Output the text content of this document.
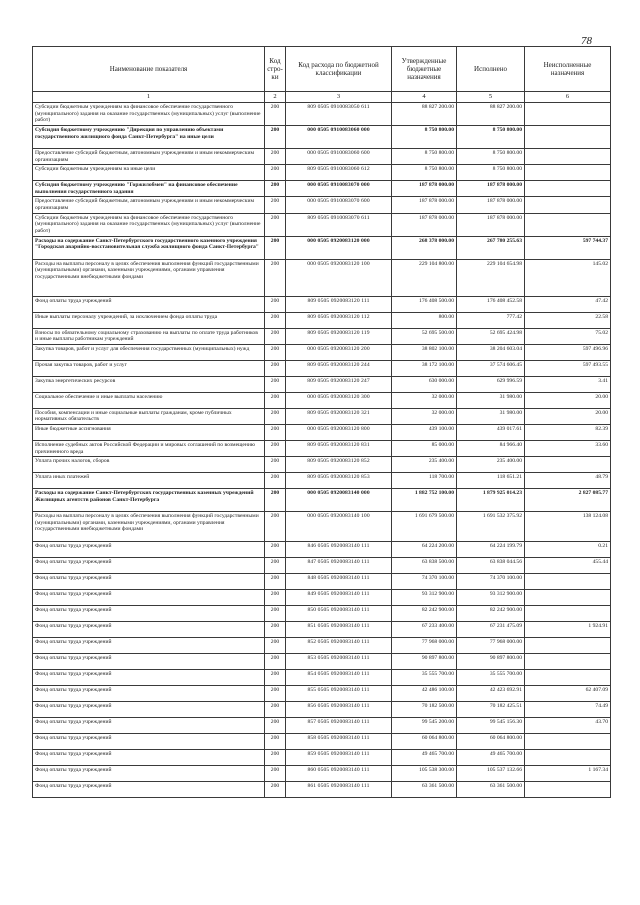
78
Наименование показателя	Код стро-ки	Код расхода по бюджетной классификации	Утвержденные бюджетные назначения	Исполнено	Неисполненные назначения
1	2	3	4	5	6
Субсидии бюджетным учреждениям на финансовое обеспечение государственного (муниципального) задания на оказание государственных (муниципальных) услуг (выполнение работ)	200	809 0505 0910083050 611	88 827 200.00	88 827 200.00	
Субсидия бюджетному учреждению "Дирекция по управлению объектами государственного жилищного фонда Санкт-Петербурга" на иные цели	200	000 0505 0910083060 000	8 750 800.00	8 750 800.00	
Предоставление субсидий бюджетным, автономным учреждениям и иным некоммерческим организациям	200	000 0505 0910083060 600	8 750 800.00	8 750 800.00	
Субсидии бюджетным учреждениям на иные цели	200	809 0505 0910083060 612	8 750 800.00	8 750 800.00	
Субсидия бюджетному учреждению "Горжилобмен" на финансовое обеспечение выполнения государственного задания	200	000 0505 0910083070 000	187 878 000.00	187 878 000.00	
Предоставление субсидий бюджетным, автономным учреждениям и иным некоммерческим организациям	200	000 0505 0910083070 600	187 878 000.00	187 878 000.00	
Субсидии бюджетным учреждениям на финансовое обеспечение государственного (муниципального) задания на оказание государственных (муниципальных) услуг (выполнение работ)	200	809 0505 0910083070 611	187 878 000.00	187 878 000.00	
Расходы на содержание Санкт-Петербургского государственного казенного учреждения "Городская аварийно-восстановительная служба жилищного фонда Санкт-Петербурга"	200	000 0505 0920083120 000	268 378 000.00	267 780 255.63	597 744.37
Расходы на выплаты персоналу в целях обеспечения выполнения функций государственными (муниципальными) органами, казенными учреждениями, органами управления государственными внебюджетными фондами	200	000 0505 0920083120 100	229 104 800.00	229 104 654.98	145.02
Фонд оплаты труда учреждений	200	809 0505 0920083120 111	176 408 500.00	176 408 452.58	47.42
Иные выплаты персоналу учреждений, за исключением фонда оплаты труда	200	809 0505 0920083120 112	800.00	777.42	22.58
Взносы по обязательному социальному страхованию на выплаты по оплате труда работников и иные выплаты работникам учреждений	200	809 0505 0920083120 119	52 695 500.00	52 695 424.98	75.02
Закупка товаров, работ и услуг для обеспечения государственных (муниципальных) нужд	200	000 0505 0920083120 200	38 802 100.00	38 204 603.04	597 496.96
Прочая закупка товаров, работ и услуг	200	809 0505 0920083120 244	38 172 100.00	37 574 606.45	597 493.55
Закупка энергетических ресурсов	200	809 0505 0920083120 247	630 000.00	629 996.59	3.41
Социальное обеспечение и иные выплаты населению	200	000 0505 0920083120 300	32 000.00	31 980.00	20.00
Пособия, компенсации и иные социальные выплаты гражданам, кроме публичных нормативных обязательств	200	809 0505 0920083120 321	32 000.00	31 980.00	20.00
Иные бюджетные ассигнования	200	000 0505 0920083120 800	439 100.00	439 017.61	82.39
Исполнение судебных актов Российской Федерации и мировых соглашений по возмещению причиненного вреда	200	809 0505 0920083120 831	85 000.00	84 966.40	33.60
Уплата прочих налогов, сборов	200	809 0505 0920083120 852	235 400.00	235 400.00	
Уплата иных платежей	200	809 0505 0920083120 853	118 700.00	118 651.21	48.79
Расходы на содержание Санкт-Петербургских государственных казенных учреждений Жилищных агентств районов Санкт-Петербурга	200	000 0505 0920083140 000	1 882 752 100.00	1 879 925 014.23	2 827 085.77
Расходы на выплаты персоналу в целях обеспечения выполнения функций государственными (муниципальными) органами, казенными учреждениями, органами управления государственными внебюджетными фондами	200	000 0505 0920083140 100	1 691 679 500.00	1 691 532 375.92	138 124.08
Фонд оплаты труда учреждений	200	846 0505 0920083140 111	64 224 200.00	64 224 199.79	0.21
Фонд оплаты труда учреждений	200	847 0505 0920083140 111	63 838 500.00	63 838 044.56	455.44
Фонд оплаты труда учреждений	200	848 0505 0920083140 111	74 370 100.00	74 370 100.00	
Фонд оплаты труда учреждений	200	849 0505 0920083140 111	93 312 900.00	93 312 900.00	
Фонд оплаты труда учреждений	200	850 0505 0920083140 111	82 242 900.00	82 242 900.00	
Фонд оплаты труда учреждений	200	851 0505 0920083140 111	67 233 400.00	67 231 475.09	1 924.91
Фонд оплаты труда учреждений	200	852 0505 0920083140 111	77 968 000.00	77 968 000.00	
Фонд оплаты труда учреждений	200	853 0505 0920083140 111	90 897 800.00	90 897 800.00	
Фонд оплаты труда учреждений	200	854 0505 0920083140 111	35 555 700.00	35 555 700.00	
Фонд оплаты труда учреждений	200	855 0505 0920083140 111	42 486 100.00	42 423 692.91	62 407.09
Фонд оплаты труда учреждений	200	856 0505 0920083140 111	70 182 500.00	70 182 425.51	74.49
Фонд оплаты труда учреждений	200	857 0505 0920083140 111	99 545 200.00	99 545 156.30	43.70
Фонд оплаты труда учреждений	200	858 0505 0920083140 111	60 064 800.00	60 064 800.00	
Фонд оплаты труда учреждений	200	859 0505 0920083140 111	49 465 700.00	49 465 700.00	
Фонд оплаты труда учреждений	200	860 0505 0920083140 111	105 538 300.00	105 537 132.66	1 167.34
Фонд оплаты труда учреждений	200	861 0505 0920083140 111	63 361 500.00	63 361 500.00	
